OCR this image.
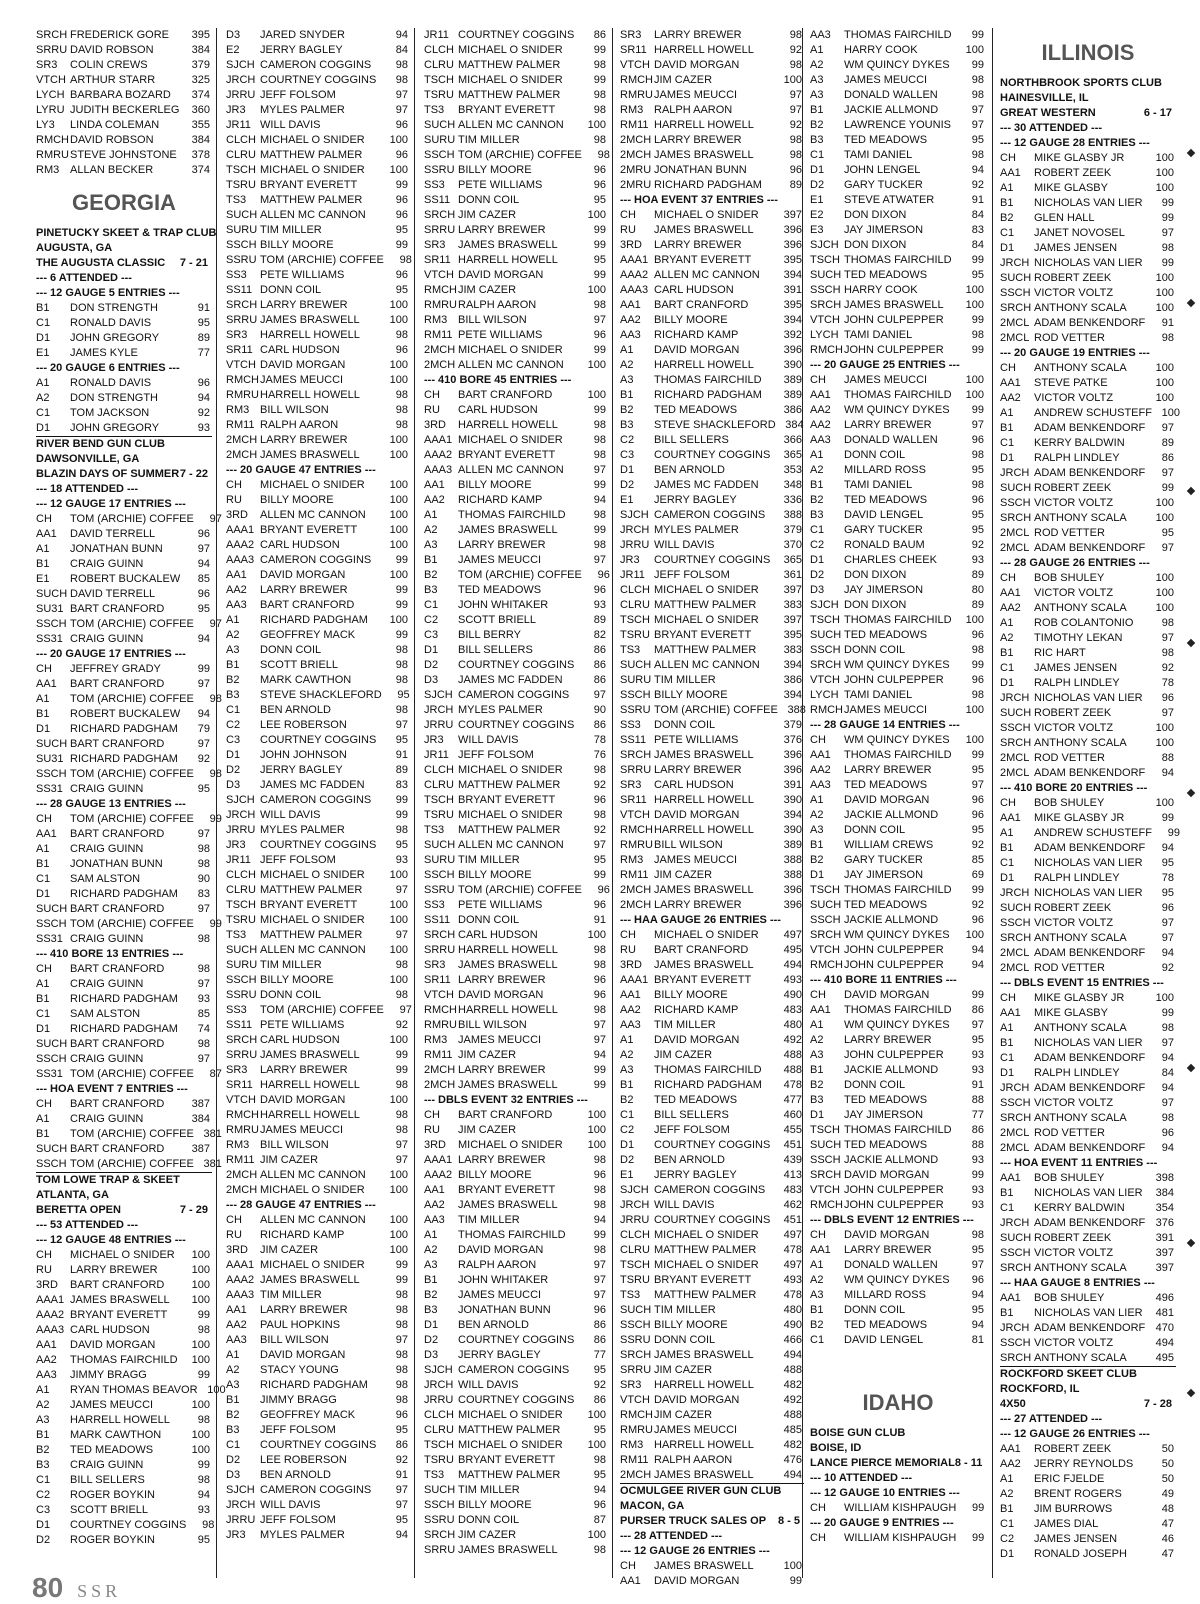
SRCH FREDERICK GORE	395
SRRU DAVID ROBSON	384
SR3	COLIN CREWS	379
VTCH ARTHUR STARR	325
LYCH BARBARA BOZARD	374
LYRU JUDITH BECKERLEG	360
LY3	LINDA COLEMAN	355
RMCH DAVID ROBSON	384
RMRU STEVE JOHNSTONE	378
RM3 ALLAN BECKER	374
GEORGIA
PINETUCKY SKEET & TRAP CLUB
AUGUSTA, GA
THE AUGUSTA CLASSIC	7 - 21
--- 6 ATTENDED ---
--- 12 GAUGE 5 ENTRIES ---
B1	DON STRENGTH	91
C1	RONALD DAVIS	95
D1	JOHN GREGORY	89
E1	JAMES KYLE	77
--- 20 GAUGE 6 ENTRIES ---
A1	RONALD DAVIS	96
A2	DON STRENGTH	94
C1	TOM JACKSON	92
D1	JOHN GREGORY	93
RIVER BEND GUN CLUB
DAWSONVILLE, GA
BLAZIN DAYS OF SUMMER 7 - 22
--- 18 ATTENDED ---
--- 12 GAUGE 17 ENTRIES ---
CH	TOM (ARCHIE) COFFEE	97
AA1	DAVID TERRELL	96
A1	JONATHAN BUNN	97
B1	CRAIG GUINN	94
E1	ROBERT BUCKALEW	85
SUCH DAVID TERRELL	96
SU31 BART CRANFORD	95
SSCH TOM (ARCHIE) COFFEE	97
SS31 CRAIG GUINN	94
--- 20 GAUGE 17 ENTRIES ---
CH	JEFFREY GRADY	99
AA1	BART CRANFORD	97
A1	TOM (ARCHIE) COFFEE	98
B1	ROBERT BUCKALEW	94
D1	RICHARD PADGHAM	79
SUCH BART CRANFORD	97
SU31 RICHARD PADGHAM	92
SSCH TOM (ARCHIE) COFFEE	98
SS31 CRAIG GUINN	95
--- 28 GAUGE 13 ENTRIES ---
CH	TOM (ARCHIE) COFFEE	99
AA1	BART CRANFORD	97
A1	CRAIG GUINN	98
B1	JONATHAN BUNN	98
C1	SAM ALSTON	90
D1	RICHARD PADGHAM	83
SUCH BART CRANFORD	97
SSCH TOM (ARCHIE) COFFEE	99
SS31 CRAIG GUINN	98
--- 410 BORE 13 ENTRIES ---
CH	BART CRANFORD	98
A1	CRAIG GUINN	97
B1	RICHARD PADGHAM	93
C1	SAM ALSTON	85
D1	RICHARD PADGHAM	74
SUCH BART CRANFORD	98
SSCH CRAIG GUINN	97
SS31 TOM (ARCHIE) COFFEE	87
--- HOA EVENT 7 ENTRIES ---
CH	BART CRANFORD	387
A1	CRAIG GUINN	384
B1	TOM (ARCHIE) COFFEE 381
SUCH BART CRANFORD	387
SSCH TOM (ARCHIE) COFFEE 381
TOM LOWE TRAP & SKEET
ATLANTA, GA
BERETTA OPEN	7 - 29
--- 53 ATTENDED ---
--- 12 GAUGE 48 ENTRIES ---
CH	MICHAEL O SNIDER	100
RU	LARRY BREWER	100
3RD	BART CRANFORD	100
AAA1 JAMES BRASWELL	100
AAA2 BRYANT EVERETT	99
AAA3 CARL HUDSON	98
AA1	DAVID MORGAN	100
AA2	THOMAS FAIRCHILD	100
AA3	JIMMY BRAGG	99
A1	RYAN THOMAS BEAVOR 100
A2	JAMES MEUCCI	100
A3	HARRELL HOWELL	98
B1	MARK CAWTHON	100
B2	TED MEADOWS	100
B3	CRAIG GUINN	99
C1	BILL SELLERS	98
C2	ROGER BOYKIN	94
C3	SCOTT BRIELL	93
D1	COURTNEY COGGINS	98
D2	ROGER BOYKIN	95
D3	JARED SNYDER	94
E2	JERRY BAGLEY	84
SJCH CAMERON COGGINS	98
JRCH COURTNEY COGGINS	98
JRRU JEFF FOLSOM	97
JR3	MYLES PALMER	97
JR11 WILL DAVIS	96
CLCH MICHAEL O SNIDER	100
CLRU MATTHEW PALMER	96
TSCH MICHAEL O SNIDER	100
TSRU BRYANT EVERETT	99
TS3	MATTHEW PALMER	96
SUCH ALLEN MC CANNON	96
SURU TIM MILLER	95
SSCH BILLY MOORE	99
SSRU TOM (ARCHIE) COFFEE	98
SS3	PETE WILLIAMS	96
SS11 DONN COIL	95
SRCH LARRY BREWER	100
SRRU JAMES BRASWELL	100
SR3	HARRELL HOWELL	98
SR11 CARL HUDSON	96
VTCH DAVID MORGAN	100
RMCH JAMES MEUCCI	100
RMRU HARRELL HOWELL	98
RM3 BILL WILSON	98
RM11 RALPH AARON	98
2MCH LARRY BREWER	100
2MCH JAMES BRASWELL	100
--- 20 GAUGE 47 ENTRIES ---
CH	MICHAEL O SNIDER	100
RU	BILLY MOORE	100
3RD	ALLEN MC CANNON	100
AAA1 BRYANT EVERETT	100
AAA2 CARL HUDSON	100
AAA3 CAMERON COGGINS	99
AA1	DAVID MORGAN	100
AA2	LARRY BREWER	99
AA3	BART CRANFORD	99
A1	RICHARD PADGHAM	100
A2	GEOFFREY MACK	99
A3	DONN COIL	98
B1	SCOTT BRIELL	98
B2	MARK CAWTHON	98
B3	STEVE SHACKLEFORD	95
C1	BEN ARNOLD	98
C2	LEE ROBERSON	97
C3	COURTNEY COGGINS	95
D1	JOHN JOHNSON	91
D2	JERRY BAGLEY	89
D3	JAMES MC FADDEN	83
SJCH CAMERON COGGINS	99
JRCH WILL DAVIS	99
JRRU MYLES PALMER	98
JR3	COURTNEY COGGINS	95
JR11 JEFF FOLSOM	93
CLCH MICHAEL O SNIDER	100
CLRU MATTHEW PALMER	97
TSCH BRYANT EVERETT	100
TSRU MICHAEL O SNIDER	100
TS3	MATTHEW PALMER	97
SUCH ALLEN MC CANNON	100
SURU TIM MILLER	98
SSCH BILLY MOORE	100
SSRU DONN COIL	98
SS3	TOM (ARCHIE) COFFEE	97
SS11 PETE WILLIAMS	92
SRCH CARL HUDSON	100
SRRU JAMES BRASWELL	99
SR3	LARRY BREWER	99
SR11 HARRELL HOWELL	98
VTCH DAVID MORGAN	100
RMCH HARRELL HOWELL	98
RMRU JAMES MEUCCI	98
RM3 BILL WILSON	97
RM11 JIM CAZER	97
2MCH ALLEN MC CANNON	100
2MCH MICHAEL O SNIDER	100
--- 28 GAUGE 47 ENTRIES ---
CH	ALLEN MC CANNON	100
RU	RICHARD KAMP	100
3RD	JIM CAZER	100
AAA1 MICHAEL O SNIDER	99
AAA2 JAMES BRASWELL	99
AAA3 TIM MILLER	98
AA1	LARRY BREWER	98
AA2	PAUL HOPKINS	98
AA3	BILL WILSON	97
A1	DAVID MORGAN	98
A2	STACY YOUNG	98
A3	RICHARD PADGHAM	98
B1	JIMMY BRAGG	98
B2	GEOFFREY MACK	96
B3	JEFF FOLSOM	95
C1	COURTNEY COGGINS	86
D2	LEE ROBERSON	92
D3	BEN ARNOLD	91
SJCH CAMERON COGGINS	97
JRCH WILL DAVIS	97
JRRU JEFF FOLSOM	95
JR3	MYLES PALMER	94
JR11 COURTNEY COGGINS	86
CLCH MICHAEL O SNIDER	99
CLRU MATTHEW PALMER	98
TSCH MICHAEL O SNIDER	99
TSRU MATTHEW PALMER	98
TS3	BRYANT EVERETT	98
SUCH ALLEN MC CANNON	100
SURU TIM MILLER	98
SSCH TOM (ARCHIE) COFFEE	98
SSRU BILLY MOORE	96
SS3	PETE WILLIAMS	96
SS11 DONN COIL	95
SRCH JIM CAZER	100
SRRU LARRY BREWER	99
SR3	JAMES BRASWELL	99
SR11 HARRELL HOWELL	95
VTCH DAVID MORGAN	99
RMCH JIM CAZER	100
RMRU RALPH AARON	98
RM3 BILL WILSON	97
RM11 PETE WILLIAMS	96
2MCH MICHAEL O SNIDER	99
2MCH ALLEN MC CANNON	100
--- 410 BORE 45 ENTRIES ---
CH	BART CRANFORD	100
RU	CARL HUDSON	99
3RD	HARRELL HOWELL	98
AAA1 MICHAEL O SNIDER	98
AAA2 BRYANT EVERETT	98
AAA3 ALLEN MC CANNON	97
AA1	BILLY MOORE	99
AA2	RICHARD KAMP	94
A1	THOMAS FAIRCHILD	98
A2	JAMES BRASWELL	99
A3	LARRY BREWER	98
B1	JAMES MEUCCI	97
B2	TOM (ARCHIE) COFFEE	96
B3	TED MEADOWS	96
C1	JOHN WHITAKER	93
C2	SCOTT BRIELL	89
C3	BILL BERRY	82
D1	BILL SELLERS	86
D2	COURTNEY COGGINS	86
D3	JAMES MC FADDEN	86
SJCH CAMERON COGGINS	97
JRCH MYLES PALMER	90
JRRU COURTNEY COGGINS	86
JR3	WILL DAVIS	78
JR11 JEFF FOLSOM	76
CLCH MICHAEL O SNIDER	98
CLRU MATTHEW PALMER	92
TSCH BRYANT EVERETT	96
TSRU MICHAEL O SNIDER	98
TS3	MATTHEW PALMER	92
SUCH ALLEN MC CANNON	97
SURU TIM MILLER	95
SSCH BILLY MOORE	99
SSRU TOM (ARCHIE) COFFEE	96
SS3	PETE WILLIAMS	96
SS11 DONN COIL	91
SRCH CARL HUDSON	100
SRRU HARRELL HOWELL	98
SR3	JAMES BRASWELL	98
SR11 LARRY BREWER	96
VTCH DAVID MORGAN	96
RMCH HARRELL HOWELL	98
RMRU BILL WILSON	97
RM3 JAMES MEUCCI	97
RM11 JIM CAZER	94
2MCH LARRY BREWER	99
2MCH JAMES BRASWELL	99
--- DBLS EVENT 32 ENTRIES ---
CH	BART CRANFORD	100
RU	JIM CAZER	100
3RD	MICHAEL O SNIDER	100
AAA1 LARRY BREWER	98
AAA2 BILLY MOORE	96
AA1	BRYANT EVERETT	98
AA2	JAMES BRASWELL	98
AA3	TIM MILLER	94
A1	THOMAS FAIRCHILD	99
A2	DAVID MORGAN	98
A3	RALPH AARON	97
B1	JOHN WHITAKER	97
B2	JAMES MEUCCI	97
B3	JONATHAN BUNN	96
D1	BEN ARNOLD	86
D2	COURTNEY COGGINS	86
D3	JERRY BAGLEY	77
SJCH CAMERON COGGINS	95
JRCH WILL DAVIS	92
JRRU COURTNEY COGGINS	86
CLCH MICHAEL O SNIDER	100
CLRU MATTHEW PALMER	95
TSCH MICHAEL O SNIDER	100
TSRU BRYANT EVERETT	98
TS3	MATTHEW PALMER	95
SUCH TIM MILLER	94
SSCH BILLY MOORE	96
SSRU DONN COIL	87
SRCH JIM CAZER	100
SRRU JAMES BRASWELL	98
SR3	LARRY BREWER	98
SR11 HARRELL HOWELL	92
VTCH DAVID MORGAN	98
RMCH JIM CAZER	100
RMRU JAMES MEUCCI	97
RM3 RALPH AARON	97
RM11 HARRELL HOWELL	92
2MCH LARRY BREWER	98
2MCH JAMES BRASWELL	98
2MRU JONATHAN BUNN	96
2MRU RICHARD PADGHAM	89
--- HOA EVENT 37 ENTRIES ---
CH	MICHAEL O SNIDER	397
RU	JAMES BRASWELL	396
3RD	LARRY BREWER	396
AAA1 BRYANT EVERETT	395
AAA2 ALLEN MC CANNON	394
AAA3 CARL HUDSON	391
AA1	BART CRANFORD	395
AA2	BILLY MOORE	394
AA3	RICHARD KAMP	392
A1	DAVID MORGAN	396
A2	HARRELL HOWELL	390
A3	THOMAS FAIRCHILD	389
B1	RICHARD PADGHAM	389
B2	TED MEADOWS	386
B3	STEVE SHACKLEFORD 384
C2	BILL SELLERS	366
C3	COURTNEY COGGINS	365
D1	BEN ARNOLD	353
D2	JAMES MC FADDEN	348
E1	JERRY BAGLEY	336
SJCH CAMERON COGGINS	388
JRCH MYLES PALMER	379
JRRU WILL DAVIS	370
JR3	COURTNEY COGGINS	365
JR11 JEFF FOLSOM	361
CLCH MICHAEL O SNIDER	397
CLRU MATTHEW PALMER	383
TSCH MICHAEL O SNIDER	397
TSRU BRYANT EVERETT	395
TS3	MATTHEW PALMER	383
SUCH ALLEN MC CANNON	394
SURU TIM MILLER	386
SSCH BILLY MOORE	394
SSRU TOM (ARCHIE) COFFEE 388
SS3	DONN COIL	379
SS11 PETE WILLIAMS	376
SRCH JAMES BRASWELL	396
SRRU LARRY BREWER	396
SR3	CARL HUDSON	391
SR11 HARRELL HOWELL	390
VTCH DAVID MORGAN	394
RMCH HARRELL HOWELL	390
RMRU BILL WILSON	389
RM3 JAMES MEUCCI	388
RM11 JIM CAZER	388
2MCH JAMES BRASWELL	396
2MCH LARRY BREWER	396
--- HAA GAUGE 26 ENTRIES ---
CH	MICHAEL O SNIDER	497
RU	BART CRANFORD	495
3RD	JAMES BRASWELL	494
AAA1 BRYANT EVERETT	493
AA1	BILLY MOORE	490
AA2	RICHARD KAMP	483
AA3	TIM MILLER	480
A1	DAVID MORGAN	492
A2	JIM CAZER	488
A3	THOMAS FAIRCHILD	488
B1	RICHARD PADGHAM	478
B2	TED MEADOWS	477
C1	BILL SELLERS	460
C2	JEFF FOLSOM	455
D1	COURTNEY COGGINS	451
D2	BEN ARNOLD	439
E1	JERRY BAGLEY	413
SJCH CAMERON COGGINS	483
JRCH WILL DAVIS	462
JRRU COURTNEY COGGINS	451
CLCH MICHAEL O SNIDER	497
CLRU MATTHEW PALMER	478
TSCH MICHAEL O SNIDER	497
TSRU BRYANT EVERETT	493
TS3	MATTHEW PALMER	478
SUCH TIM MILLER	480
SSCH BILLY MOORE	490
SSRU DONN COIL	466
SRCH JAMES BRASWELL	494
SRRU JIM CAZER	488
SR3	HARRELL HOWELL	482
VTCH DAVID MORGAN	492
RMCH JIM CAZER	488
RMRU JAMES MEUCCI	485
RM3 HARRELL HOWELL	482
RM11 RALPH AARON	476
2MCH JAMES BRASWELL	494
OCMULGEE RIVER GUN CLUB
MACON, GA
PURSER TRUCK SALES OP	8 - 5
--- 28 ATTENDED ---
--- 12 GAUGE 26 ENTRIES ---
CH	JAMES BRASWELL	100
AA1	DAVID MORGAN	99
AA3	THOMAS FAIRCHILD	99
A1	HARRY COOK	100
A2	WM QUINCY DYKES	99
A3	JAMES MEUCCI	98
A3	DONALD WALLEN	98
B1	JACKIE ALLMOND	97
B2	LAWRENCE YOUNIS	97
B3	TED MEADOWS	95
C1	TAMI DANIEL	98
D1	JOHN LENGEL	94
D2	GARY TUCKER	92
E1	STEVE ATWATER	91
E2	DON DIXON	84
E3	JAY JIMERSON	83
SJCH DON DIXON	84
TSCH THOMAS FAIRCHILD	99
SUCH TED MEADOWS	95
SSCH HARRY COOK	100
SRCH JAMES BRASWELL	100
VTCH JOHN CULPEPPER	99
LYCH TAMI DANIEL	98
RMCH JOHN CULPEPPER	99
--- 20 GAUGE 25 ENTRIES ---
CH	JAMES MEUCCI	100
AA1	THOMAS FAIRCHILD	100
AA2	WM QUINCY DYKES	99
AA2	LARRY BREWER	97
AA3	DONALD WALLEN	96
A1	DONN COIL	98
A2	MILLARD ROSS	95
B1	TAMI DANIEL	98
B2	TED MEADOWS	96
B3	DAVID LENGEL	95
C1	GARY TUCKER	95
C2	RONALD BAUM	92
D1	CHARLES CHEEK	93
D2	DON DIXON	89
D3	JAY JIMERSON	80
SJCH DON DIXON	89
TSCH THOMAS FAIRCHILD	100
SUCH TED MEADOWS	96
SSCH DONN COIL	98
SRCH WM QUINCY DYKES	99
VTCH JOHN CULPEPPER	96
LYCH TAMI DANIEL	98
RMCH JAMES MEUCCI	100
--- 28 GAUGE 14 ENTRIES ---
CH	WM QUINCY DYKES	100
AA1	THOMAS FAIRCHILD	99
AA2	LARRY BREWER	95
AA3	TED MEADOWS	97
A1	DAVID MORGAN	96
A2	JACKIE ALLMOND	96
A3	DONN COIL	95
B1	WILLIAM CREWS	92
B2	GARY TUCKER	85
D1	JAY JIMERSON	69
TSCH THOMAS FAIRCHILD	99
SUCH TED MEADOWS	92
SSCH JACKIE ALLMOND	96
SRCH WM QUINCY DYKES	100
VTCH JOHN CULPEPPER	94
RMCH JOHN CULPEPPER	94
--- 410 BORE 11 ENTRIES ---
CH	DAVID MORGAN	99
AA1	THOMAS FAIRCHILD	86
A1	WM QUINCY DYKES	97
A2	LARRY BREWER	95
A3	JOHN CULPEPPER	93
B1	JACKIE ALLMOND	93
B2	DONN COIL	91
B3	TED MEADOWS	88
D1	JAY JIMERSON	77
TSCH THOMAS FAIRCHILD	86
SUCH TED MEADOWS	88
SSCH JACKIE ALLMOND	93
SRCH DAVID MORGAN	99
VTCH JOHN CULPEPPER	93
RMCH JOHN CULPEPPER	93
--- DBLS EVENT 12 ENTRIES ---
CH	DAVID MORGAN	98
AA1	LARRY BREWER	95
A1	DONALD WALLEN	97
A2	WM QUINCY DYKES	96
A3	MILLARD ROSS	94
B1	DONN COIL	95
B2	TED MEADOWS	94
C1	DAVID LENGEL	81
IDAHO
BOISE GUN CLUB
BOISE, ID
LANCE PIERCE MEMORIAL 8 - 11
--- 10 ATTENDED ---
--- 12 GAUGE 10 ENTRIES ---
CH	WILLIAM KISHPAUGH	99
--- 20 GAUGE 9 ENTRIES ---
CH	WILLIAM KISHPAUGH	99
ILLINOIS
NORTHBROOK SPORTS CLUB
HAINESVILLE, IL
GREAT WESTERN	6 - 17
--- 30 ATTENDED ---
--- 12 GAUGE 28 ENTRIES ---
CH	MIKE GLASBY JR	100
AA1	ROBERT ZEEK	100
A1	MIKE GLASBY	100
B1	NICHOLAS VAN LIER	99
B2	GLEN HALL	99
C1	JANET NOVOSEL	97
D1	JAMES JENSEN	98
JRCH NICHOLAS VAN LIER	99
SUCH ROBERT ZEEK	100
SSCH VICTOR VOLTZ	100
SRCH ANTHONY SCALA	100
2MCL ADAM BENKENDORF	91
2MCL ROD VETTER	98
--- 20 GAUGE 19 ENTRIES ---
CH	ANTHONY SCALA	100
AA1	STEVE PATKE	100
AA2	VICTOR VOLTZ	100
A1	ANDREW SCHUSTEFF 100
B1	ADAM BENKENDORF	97
C1	KERRY BALDWIN	89
D1	RALPH LINDLEY	86
JRCH ADAM BENKENDORF	97
SUCH ROBERT ZEEK	99
SSCH VICTOR VOLTZ	100
SRCH ANTHONY SCALA	100
2MCL ROD VETTER	95
2MCL ADAM BENKENDORF	97
--- 28 GAUGE 26 ENTRIES ---
CH	BOB SHULEY	100
AA1	VICTOR VOLTZ	100
AA2	ANTHONY SCALA	100
A1	ROB COLANTONIO	98
A2	TIMOTHY LEKAN	97
B1	RIC HART	98
C1	JAMES JENSEN	92
D1	RALPH LINDLEY	78
JRCH NICHOLAS VAN LIER	96
SUCH ROBERT ZEEK	97
SSCH VICTOR VOLTZ	100
SRCH ANTHONY SCALA	100
2MCL ROD VETTER	88
2MCL ADAM BENKENDORF	94
--- 410 BORE 20 ENTRIES ---
CH	BOB SHULEY	100
AA1	MIKE GLASBY JR	99
A1	ANDREW SCHUSTEFF	99
B1	ADAM BENKENDORF	94
C1	NICHOLAS VAN LIER	95
D1	RALPH LINDLEY	78
JRCH NICHOLAS VAN LIER	95
SUCH ROBERT ZEEK	96
SSCH VICTOR VOLTZ	97
SRCH ANTHONY SCALA	97
2MCL ADAM BENKENDORF	94
2MCL ROD VETTER	92
--- DBLS EVENT 15 ENTRIES ---
CH	MIKE GLASBY JR	100
AA1	MIKE GLASBY	99
A1	ANTHONY SCALA	98
B1	NICHOLAS VAN LIER	97
C1	ADAM BENKENDORF	94
D1	RALPH LINDLEY	84
JRCH ADAM BENKENDORF	94
SSCH VICTOR VOLTZ	97
SRCH ANTHONY SCALA	98
2MCL ROD VETTER	96
2MCL ADAM BENKENDORF	94
--- HOA EVENT 11 ENTRIES ---
AA1	BOB SHULEY	398
B1	NICHOLAS VAN LIER	384
C1	KERRY BALDWIN	354
JRCH ADAM BENKENDORF 376
SUCH ROBERT ZEEK	391
SSCH VICTOR VOLTZ	397
SRCH ANTHONY SCALA	397
--- HAA GAUGE 8 ENTRIES ---
AA1	BOB SHULEY	496
B1	NICHOLAS VAN LIER	481
JRCH ADAM BENKENDORF 470
SSCH VICTOR VOLTZ	494
SRCH ANTHONY SCALA	495
ROCKFORD SKEET CLUB
ROCKFORD, IL
4X50	7 - 28
--- 27 ATTENDED ---
--- 12 GAUGE 26 ENTRIES ---
AA1	ROBERT ZEEK	50
AA2	JERRY REYNOLDS	50
A1	ERIC FJELDE	50
A2	BRENT ROGERS	49
B1	JIM BURROWS	48
C1	JAMES DIAL	47
C2	JAMES JENSEN	46
D1	RONALD JOSEPH	47
80 SSR
